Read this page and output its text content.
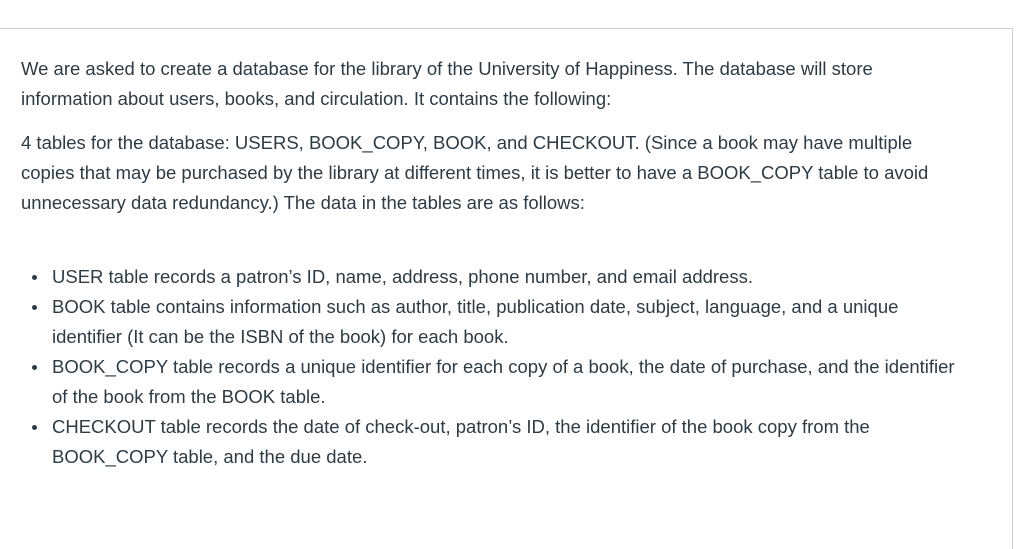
We are asked to create a database for the library of the University of Happiness. The database will store information about users, books, and circulation. It contains the following:

4 tables for the database: USERS, BOOK_COPY, BOOK, and CHECKOUT. (Since a book may have multiple copies that may be purchased by the library at different times, it is better to have a BOOK_COPY table to avoid unnecessary data redundancy.) The data in the tables are as follows:

USER table records a patron’s ID, name, address, phone number, and email address.
BOOK table contains information such as author, title, publication date, subject, language, and a unique identifier (It can be the ISBN of the book) for each book.
BOOK_COPY table records a unique identifier for each copy of a book, the date of purchase, and the identifier of the book from the BOOK table.
CHECKOUT table records the date of check-out, patron’s ID, the identifier of the book copy from the BOOK_COPY table, and the due date.
